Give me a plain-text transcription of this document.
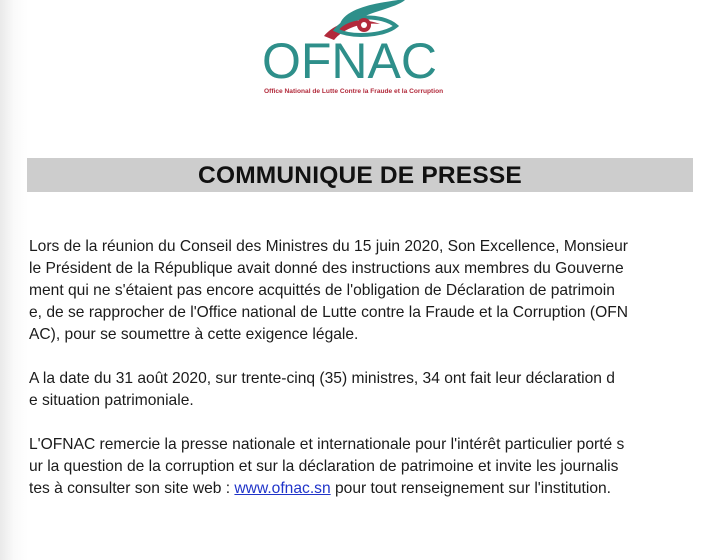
OFNAC
Office National de Lutte Contre la Fraude et la Corruption
COMMUNIQUE DE PRESSE
Lors de la réunion du Conseil des Ministres du 15 juin 2020, Son Excellence, Monsieur
le Président de la République avait donné des instructions aux membres du Gouverne
ment qui ne s'étaient pas encore acquittés de l'obligation de Déclaration de patrimoin
e, de se rapprocher de l'Office national de Lutte contre la Fraude et la Corruption (OFN
AC), pour se soumettre à cette exigence légale.
A la date du 31 août 2020, sur trente-cinq (35) ministres, 34 ont fait leur déclaration d
e situation patrimoniale.
L'OFNAC remercie la presse nationale et internationale pour l'intérêt particulier porté s
ur la question de la corruption et sur la déclaration de patrimoine et invite les journalis
tes à consulter son site web : www.ofnac.sn pour tout renseignement sur l'institution.
